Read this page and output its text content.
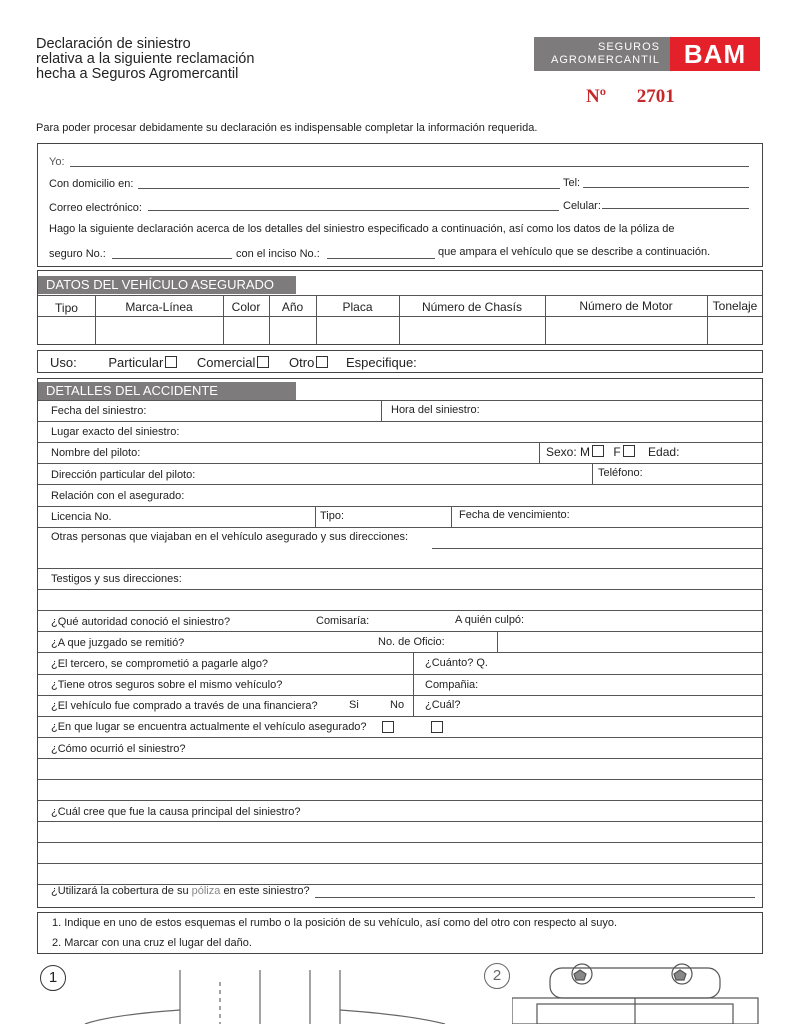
Declaración de siniestro
relativa a la siguiente reclamación
hecha a Seguros Agromercantil
SEGUROS
AGROMERCANTIL BAM
Nº 2701
Para poder procesar debidamente su declaración es indispensable completar la información requerida.
Yo:
Con domicilio en:	Tel:
Correo electrónico:	Celular:
Hago la siguiente declaración acerca de los detalles del siniestro especificado a continuación, así como los datos de la póliza de
seguro No.:	con el inciso No.:	que ampara el vehículo que se describe a continuación.
DATOS DEL VEHÍCULO ASEGURADO
Tipo	Marca-Línea	Color	Año	Placa	Número de Chasís	Número de Motor	Tonelaje
Uso: Particular	Comercial	Otro Especifique:
DETALLES DEL ACCIDENTE
Fecha del siniestro:	Hora del siniestro:
Lugar exacto del siniestro:
Nombre del piloto:	Sexo: M F Edad:
Dirección particular del piloto:	Teléfono:
Relación con el asegurado:
Licencia No.	Tipo:	Fecha de vencimiento:
Otras personas que viajaban en el vehículo asegurado y sus direcciones:
Testigos y sus direcciones:
¿Qué autoridad conoció el siniestro?	Comisaría:	A quién culpó:
¿A que juzgado se remitió?	No. de Oficio:
¿El tercero, se comprometió a pagarle algo?	¿Cuánto? Q.
¿Tiene otros seguros sobre el mismo vehículo?	Compañia:
¿El vehículo fue comprado a través de una financiera?	Si	No ¿Cuál?
¿En que lugar se encuentra actualmente el vehículo asegurado?
¿Cómo ocurrió el siniestro?
¿Cuál cree que fue la causa principal del siniestro?
¿Utilizará la cobertura de su póliza en este siniestro?
1. Indique en uno de estos esquemas el rumbo o la posición de su vehículo, así como del otro con respecto al suyo.
2. Marcar con una cruz el lugar del daño.
1	2
